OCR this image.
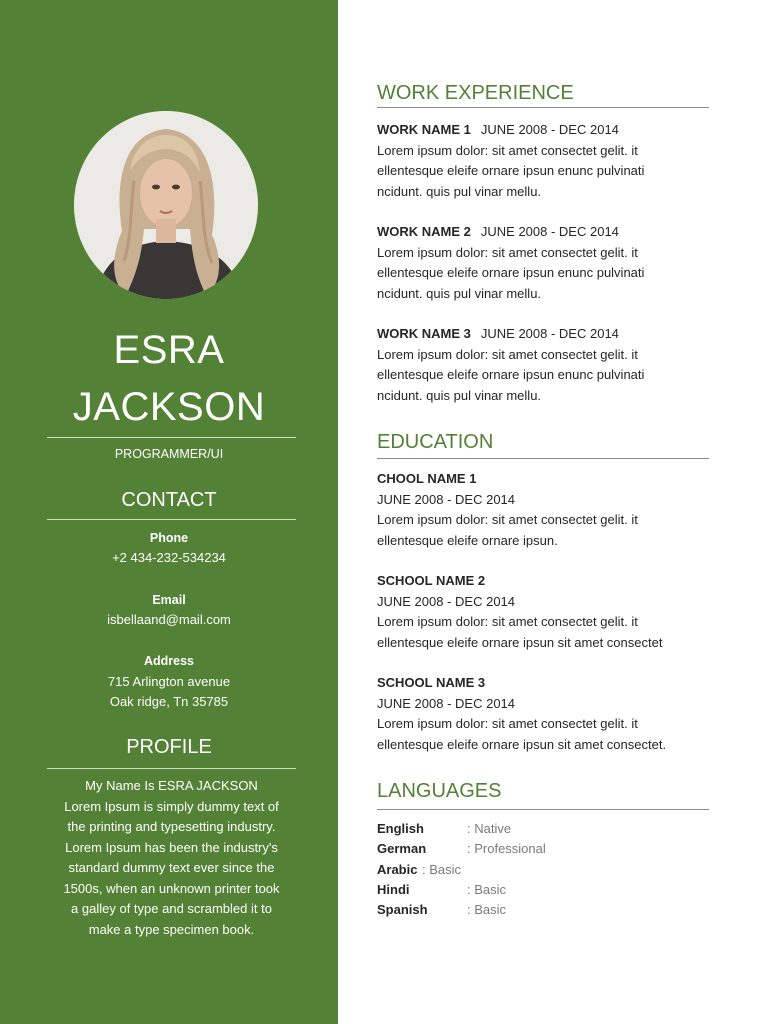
ESRA
JACKSON
PROGRAMMER/UI
CONTACT
Phone
+2 434-232-534234
Email
isbellaand@mail.com
Address
715 Arlington avenue
Oak ridge, Tn 35785
PROFILE
My Name Is ESRA JACKSON
Lorem Ipsum is simply dummy text of
the printing and typesetting industry.
Lorem Ipsum has been the industry's
standard dummy text ever since the
1500s, when an unknown printer took
a galley of type and scrambled it to
make a type specimen book.
WORK EXPERIENCE
WORK NAME 1 JUNE 2008 - DEC 2014
Lorem ipsum dolor: sit amet consectet gelit. it
ellentesque eleife ornare ipsun enunc pulvinati
ncidunt. quis pul vinar mellu.
WORK NAME 2 JUNE 2008 - DEC 2014
Lorem ipsum dolor: sit amet consectet gelit. it
ellentesque eleife ornare ipsun enunc pulvinati
ncidunt. quis pul vinar mellu.
WORK NAME 3 JUNE 2008 - DEC 2014
Lorem ipsum dolor: sit amet consectet gelit. it
ellentesque eleife ornare ipsun enunc pulvinati
ncidunt. quis pul vinar mellu.
EDUCATION
CHOOL NAME 1
JUNE 2008 - DEC 2014
Lorem ipsum dolor: sit amet consectet gelit. it
ellentesque eleife ornare ipsun.
SCHOOL NAME 2
JUNE 2008 - DEC 2014
Lorem ipsum dolor: sit amet consectet gelit. it
ellentesque eleife ornare ipsun sit amet consectet
SCHOOL NAME 3
JUNE 2008 - DEC 2014
Lorem ipsum dolor: sit amet consectet gelit. it
ellentesque eleife ornare ipsun sit amet consectet.
LANGUAGES
English	: Native
German	: Professional
Arabic : Basic
Hindi	: Basic
Spanish	: Basic
